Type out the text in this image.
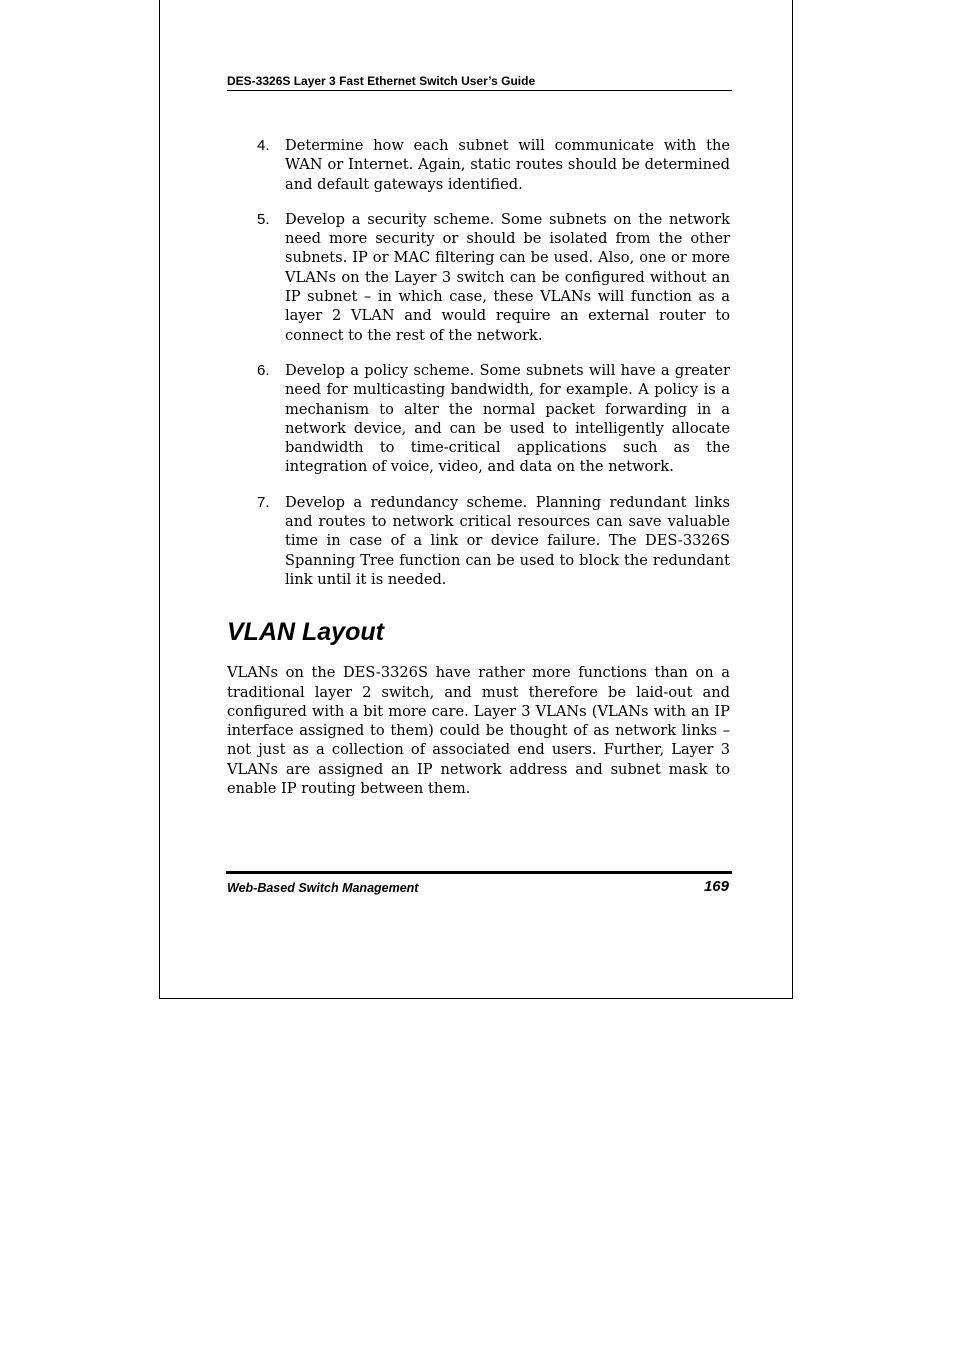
DES-3326S Layer 3 Fast Ethernet Switch User’s Guide
4. Determine how each subnet will communicate with the WAN or Internet. Again, static routes should be determined and default gateways identified.

5. Develop a security scheme. Some subnets on the network need more security or should be isolated from the other subnets. IP or MAC filtering can be used. Also, one or more VLANs on the Layer 3 switch can be configured without an IP subnet – in which case, these VLANs will function as a layer 2 VLAN and would require an external router to connect to the rest of the network.

6. Develop a policy scheme. Some subnets will have a greater need for multicasting bandwidth, for example. A policy is a mechanism to alter the normal packet forwarding in a network device, and can be used to intelligently allocate bandwidth to time-critical applications such as the integration of voice, video, and data on the network.

7. Develop a redundancy scheme. Planning redundant links and routes to network critical resources can save valuable time in case of a link or device failure. The DES-3326S Spanning Tree function can be used to block the redundant link until it is needed.

VLAN Layout

VLANs on the DES-3326S have rather more functions than on a traditional layer 2 switch, and must therefore be laid-out and configured with a bit more care. Layer 3 VLANs (VLANs with an IP interface assigned to them) could be thought of as network links – not just as a collection of associated end users. Further, Layer 3 VLANs are assigned an IP network address and subnet mask to enable IP routing between them.

Web-Based Switch Management	169
